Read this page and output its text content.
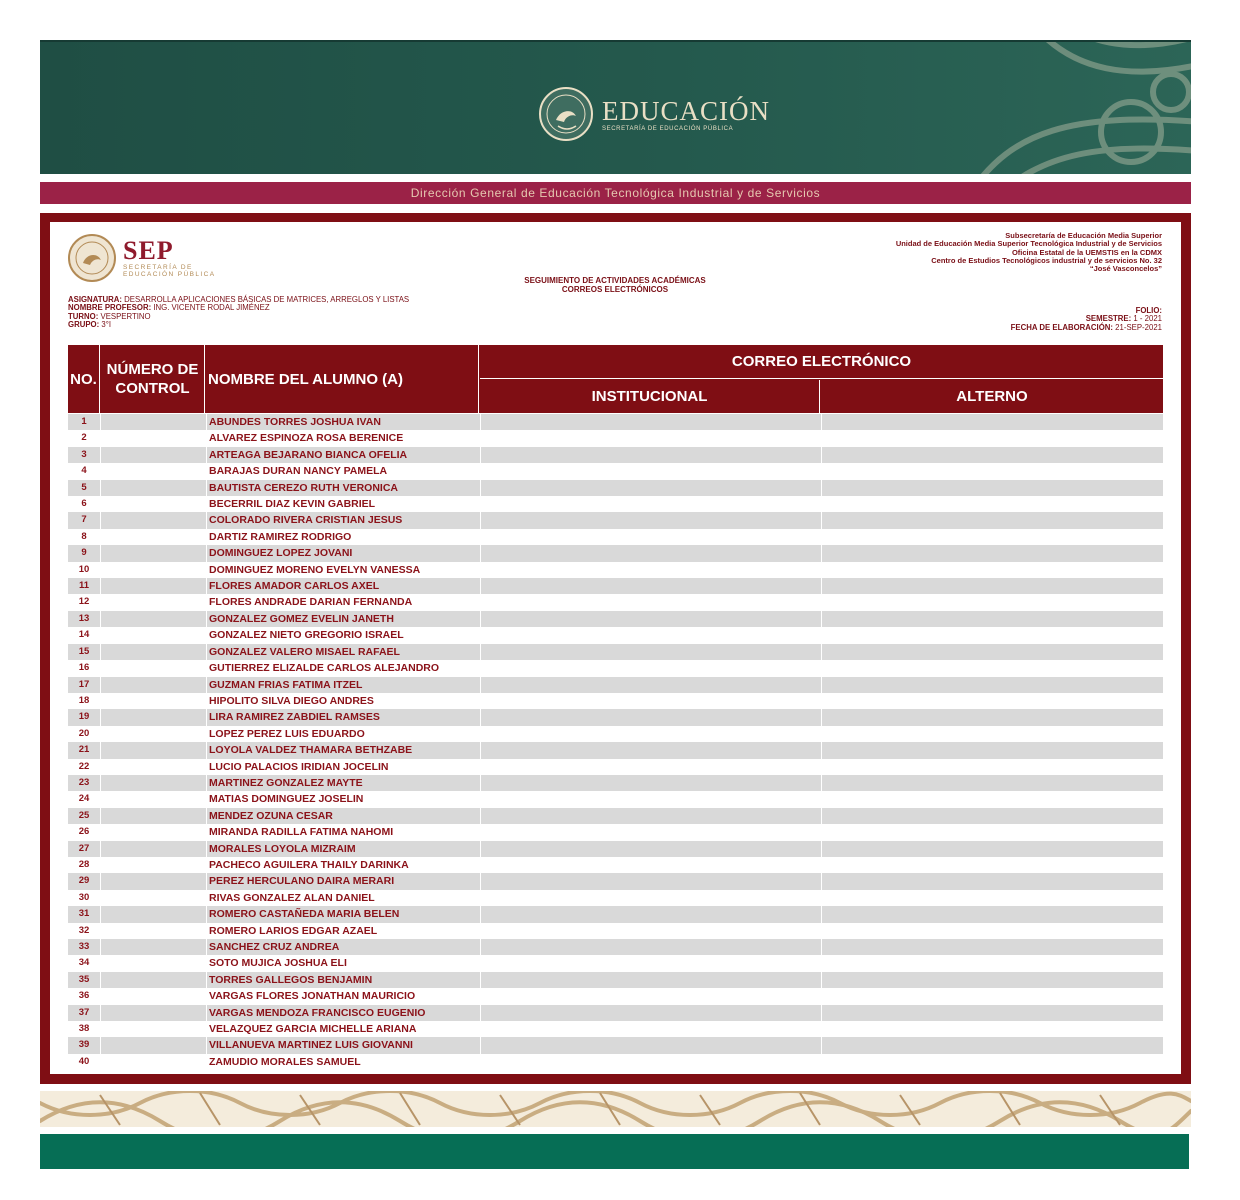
EDUCACIÓN
SECRETARÍA DE EDUCACIÓN PÚBLICA
Dirección General de Educación Tecnológica Industrial y de Servicios
SEP
SECRETARÍA DE
EDUCACIÓN PÚBLICA
SEGUIMIENTO DE ACTIVIDADES ACADÉMICAS
CORREOS ELECTRÓNICOS
Subsecretaría de Educación Media Superior
Unidad de Educación Media Superior Tecnológica Industrial y de Servicios
Oficina Estatal de la UEMSTIS en la CDMX
Centro de Estudios Tecnológicos industrial y de servicios No. 32
“José Vasconcelos”
ASIGNATURA: DESARROLLA APLICACIONES BÁSICAS DE MATRICES, ARREGLOS Y LISTAS
NOMBRE PROFESOR: ING. VICENTE RODAL JIMÉNEZ
TURNO: VESPERTINO
GRUPO: 3°I
FOLIO:
SEMESTRE: 1 - 2021
FECHA DE ELABORACIÓN: 21-SEP-2021
NO.
NÚMERO DE CONTROL
NOMBRE DEL ALUMNO (A)
CORREO ELECTRÓNICO
INSTITUCIONAL	ALTERNO
1	ABUNDES TORRES JOSHUA IVAN
2	ALVAREZ ESPINOZA ROSA BERENICE
3	ARTEAGA BEJARANO BIANCA OFELIA
4	BARAJAS DURAN NANCY PAMELA
5	BAUTISTA CEREZO RUTH VERONICA
6	BECERRIL DIAZ KEVIN GABRIEL
7	COLORADO RIVERA CRISTIAN JESUS
8	DARTIZ RAMIREZ RODRIGO
9	DOMINGUEZ LOPEZ JOVANI
10	DOMINGUEZ MORENO EVELYN VANESSA
11	FLORES AMADOR CARLOS AXEL
12	FLORES ANDRADE DARIAN FERNANDA
13	GONZALEZ GOMEZ EVELIN JANETH
14	GONZALEZ NIETO GREGORIO ISRAEL
15	GONZALEZ VALERO MISAEL RAFAEL
16	GUTIERREZ ELIZALDE CARLOS ALEJANDRO
17	GUZMAN FRIAS FATIMA ITZEL
18	HIPOLITO SILVA DIEGO ANDRES
19	LIRA RAMIREZ ZABDIEL RAMSES
20	LOPEZ PEREZ LUIS EDUARDO
21	LOYOLA VALDEZ THAMARA BETHZABE
22	LUCIO PALACIOS IRIDIAN JOCELIN
23	MARTINEZ GONZALEZ MAYTE
24	MATIAS DOMINGUEZ JOSELIN
25	MENDEZ OZUNA CESAR
26	MIRANDA RADILLA FATIMA NAHOMI
27	MORALES LOYOLA MIZRAIM
28	PACHECO AGUILERA THAILY DARINKA
29	PEREZ HERCULANO DAIRA MERARI
30	RIVAS GONZALEZ ALAN DANIEL
31	ROMERO CASTAÑEDA MARIA BELEN
32	ROMERO LARIOS EDGAR AZAEL
33	SANCHEZ CRUZ ANDREA
34	SOTO MUJICA JOSHUA ELI
35	TORRES GALLEGOS BENJAMIN
36	VARGAS FLORES JONATHAN MAURICIO
37	VARGAS MENDOZA FRANCISCO EUGENIO
38	VELAZQUEZ GARCIA MICHELLE ARIANA
39	VILLANUEVA MARTINEZ LUIS GIOVANNI
40	ZAMUDIO MORALES SAMUEL
